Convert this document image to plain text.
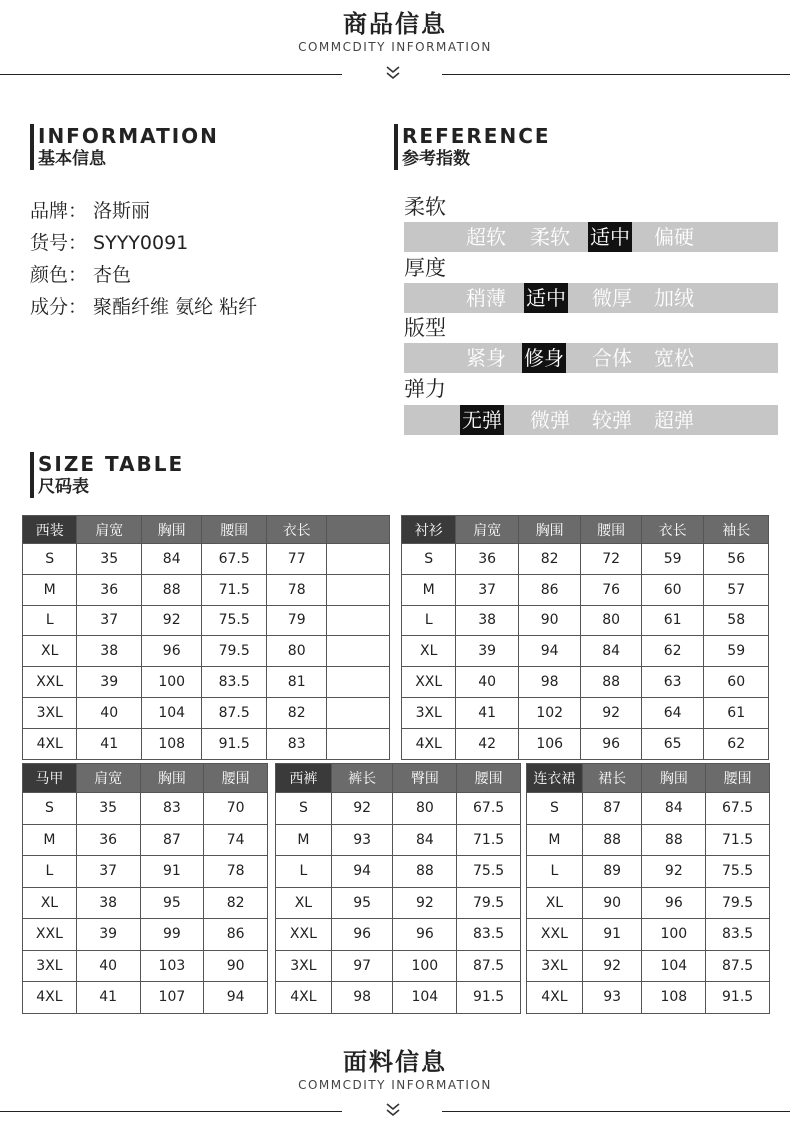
商品信息
COMMCDITY INFORMATION
INFORMATION
基本信息
品牌： 洛斯丽
货号： SYYY0091
颜色： 杏色
成分： 聚酯纤维 氨纶 粘纤
REFERENCE
参考指数
柔软
超软 柔软 适中 偏硬
厚度
稍薄 适中 微厚 加绒
版型
紧身 修身 合体 宽松
弹力
无弹 微弹 较弹 超弹
SIZE TABLE
尺码表
西装	肩宽	胸围	腰围	衣长	
S	35	84	67.5	77	
M	36	88	71.5	78	
L	37	92	75.5	79	
XL	38	96	79.5	80	
XXL	39	100	83.5	81	
3XL	40	104	87.5	82	
4XL	41	108	91.5	83	
衬衫	肩宽	胸围	腰围	衣长	袖长
S	36	82	72	59	56
M	37	86	76	60	57
L	38	90	80	61	58
XL	39	94	84	62	59
XXL	40	98	88	63	60
3XL	41	102	92	64	61
4XL	42	106	96	65	62
马甲	肩宽	胸围	腰围
S	35	83	70
M	36	87	74
L	37	91	78
XL	38	95	82
XXL	39	99	86
3XL	40	103	90
4XL	41	107	94
西裤	裤长	臀围	腰围
S	92	80	67.5
M	93	84	71.5
L	94	88	75.5
XL	95	92	79.5
XXL	96	96	83.5
3XL	97	100	87.5
4XL	98	104	91.5
连衣裙	裙长	胸围	腰围
S	87	84	67.5
M	88	88	71.5
L	89	92	75.5
XL	90	96	79.5
XXL	91	100	83.5
3XL	92	104	87.5
4XL	93	108	91.5
面料信息
COMMCDITY INFORMATION
